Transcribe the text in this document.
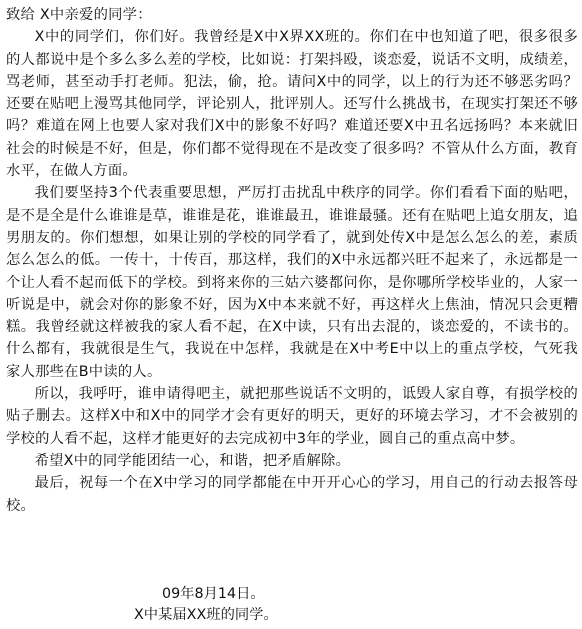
致给 X中亲爱的同学：

X中的同学们，你们好。我曾经是X中X界XX班的。你们在中也知道了吧，很多很多的人都说中是个多么多么差的学校，比如说：打架抖殴，谈恋爱，说话不文明，成绩差，骂老师，甚至动手打老师。犯法，偷，抢。请问X中的同学，以上的行为还不够恶劣吗？还要在贴吧上漫骂其他同学，评论别人，批评别人。还写什么挑战书，在现实打架还不够吗？难道在网上也要人家对我们X中的影象不好吗？难道还要X中丑名远扬吗？本来就旧社会的时候是不好，但是，你们都不觉得现在不是改变了很多吗？不管从什么方面，教育水平，在做人方面。

我们要坚持3个代表重要思想，严厉打击扰乱中秩序的同学。你们看看下面的贴吧，是不是全是什么谁谁是草，谁谁是花，谁谁最丑，谁谁最骚。还有在贴吧上追女朋友，追男朋友的。你们想想，如果让别的学校的同学看了，就到处传X中是怎么怎么的差，素质怎么怎么的低。一传十，十传百，那这样，我们的X中永远都兴旺不起来了，永远都是一个让人看不起而低下的学校。到将来你的三姑六婆都问你，是你哪所学校毕业的，人家一听说是中，就会对你的影象不好，因为X中本来就不好，再这样火上焦油，情况只会更糟糕。我曾经就这样被我的家人看不起，在X中读，只有出去混的，谈恋爱的，不读书的。什么都有，我就很是生气，我说在中怎样，我就是在X中考E中以上的重点学校，气死我家人那些在B中读的人。

所以，我呼吁，谁申请得吧主，就把那些说话不文明的，诋毁人家自尊，有损学校的贴子删去。这样X中和X中的同学才会有更好的明天，更好的环境去学习，才不会被别的学校的人看不起，这样才能更好的去完成初中3年的学业，圆自己的重点高中梦。

希望X中的同学能团结一心，和谐，把矛盾解除。

最后，祝每一个在X中学习的同学都能在中开开心心的学习，用自己的行动去报答母校。

09年8月14日。
X中某届XX班的同学。
